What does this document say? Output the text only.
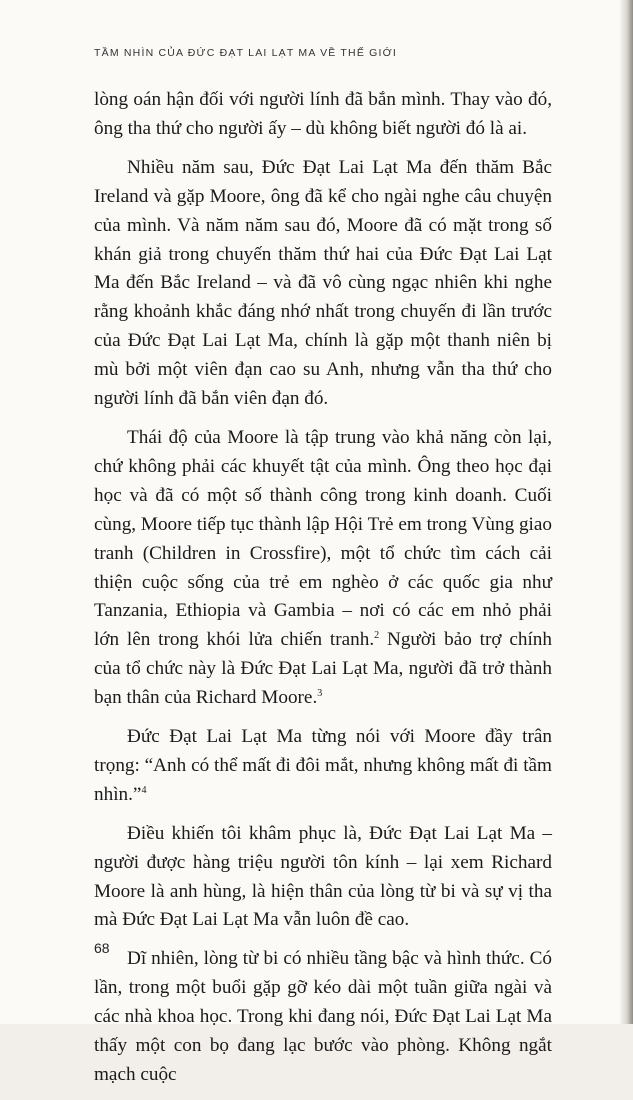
TẦM NHÌN CỦA ĐỨC ĐẠT LAI LẠT MA VỀ THẾ GIỚI

lòng oán hận đối với người lính đã bắn mình. Thay vào đó, ông tha thứ cho người ấy – dù không biết người đó là ai.

Nhiều năm sau, Đức Đạt Lai Lạt Ma đến thăm Bắc Ireland và gặp Moore, ông đã kể cho ngài nghe câu chuyện của mình. Và năm năm sau đó, Moore đã có mặt trong số khán giả trong chuyến thăm thứ hai của Đức Đạt Lai Lạt Ma đến Bắc Ireland – và đã vô cùng ngạc nhiên khi nghe rằng khoảnh khắc đáng nhớ nhất trong chuyến đi lần trước của Đức Đạt Lai Lạt Ma, chính là gặp một thanh niên bị mù bởi một viên đạn cao su Anh, nhưng vẫn tha thứ cho người lính đã bắn viên đạn đó.

Thái độ của Moore là tập trung vào khả năng còn lại, chứ không phải các khuyết tật của mình. Ông theo học đại học và đã có một số thành công trong kinh doanh. Cuối cùng, Moore tiếp tục thành lập Hội Trẻ em trong Vùng giao tranh (Children in Crossfire), một tổ chức tìm cách cải thiện cuộc sống của trẻ em nghèo ở các quốc gia như Tanzania, Ethiopia và Gambia – nơi có các em nhỏ phải lớn lên trong khói lửa chiến tranh.$^2$ Người bảo trợ chính của tổ chức này là Đức Đạt Lai Lạt Ma, người đã trở thành bạn thân của Richard Moore.$^3$

Đức Đạt Lai Lạt Ma từng nói với Moore đầy trân trọng: “Anh có thể mất đi đôi mắt, nhưng không mất đi tầm nhìn.”$^4$

Điều khiến tôi khâm phục là, Đức Đạt Lai Lạt Ma – người được hàng triệu người tôn kính – lại xem Richard Moore là anh hùng, là hiện thân của lòng từ bi và sự vị tha mà Đức Đạt Lai Lạt Ma vẫn luôn đề cao.

Dĩ nhiên, lòng từ bi có nhiều tầng bậc và hình thức. Có lần, trong một buổi gặp gỡ kéo dài một tuần giữa ngài và các nhà khoa học. Trong khi đang nói, Đức Đạt Lai Lạt Ma thấy một con bọ đang lạc bước vào phòng. Không ngắt mạch cuộc

68
